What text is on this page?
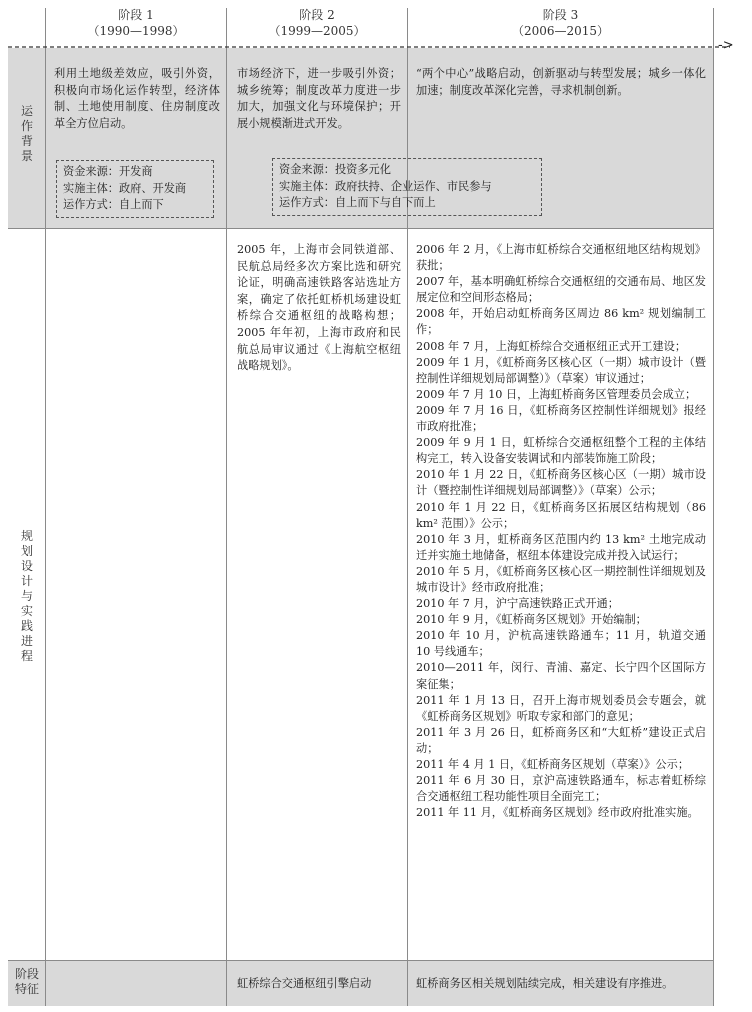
->
阶段 1
（1990—1998）
阶段 2
（1999—2005）
阶段 3
（2006—2015）
运
作
背
景
规
划
设
计
与
实
践
进
程
阶段
特征
利用土地级差效应，吸引外资，积极向市场化运作转型，经济体制、土地使用制度、住房制度改革全方位启动。
市场经济下，进一步吸引外资；城乡统筹；制度改革力度进一步加大，加强文化与环境保护；开展小规模渐进式开发。
“两个中心”战略启动，创新驱动与转型发展；城乡一体化加速；制度改革深化完善，寻求机制创新。
资金来源：开发商
实施主体：政府、开发商
运作方式：自上而下
资金来源：投资多元化
实施主体：政府扶持、企业运作、市民参与
运作方式：自上而下与自下而上
2005 年，上海市会同铁道部、民航总局经多次方案比选和研究论证，明确高速铁路客站选址方案，确定了依托虹桥机场建设虹桥综合交通枢纽的战略构想；2005 年年初，上海市政府和民航总局审议通过《上海航空枢纽战略规划》。
2006 年 2 月，《上海市虹桥综合交通枢纽地区结构规划》获批；
2007 年，基本明确虹桥综合交通枢纽的交通布局、地区发展定位和空间形态格局；
2008 年，开始启动虹桥商务区周边 86 km² 规划编制工作；
2008 年 7 月，上海虹桥综合交通枢纽正式开工建设；
2009 年 1 月，《虹桥商务区核心区（一期）城市设计（暨控制性详细规划局部调整）》（草案）审议通过；
2009 年 7 月 10 日，上海虹桥商务区管理委员会成立；
2009 年 7 月 16 日，《虹桥商务区控制性详细规划》报经市政府批准；
2009 年 9 月 1 日，虹桥综合交通枢纽整个工程的主体结构完工，转入设备安装调试和内部装饰施工阶段；
2010 年 1 月 22 日，《虹桥商务区核心区（一期）城市设计（暨控制性详细规划局部调整）》（草案）公示；
2010 年 1 月 22 日，《虹桥商务区拓展区结构规划（86 km² 范围）》公示；
2010 年 3 月，虹桥商务区范围内约 13 km² 土地完成动迁并实施土地储备，枢纽本体建设完成并投入试运行；
2010 年 5 月，《虹桥商务区核心区一期控制性详细规划及城市设计》经市政府批准；
2010 年 7 月，沪宁高速铁路正式开通；
2010 年 9 月，《虹桥商务区规划》开始编制；
2010 年 10 月，沪杭高速铁路通车；11 月，轨道交通 10 号线通车；
2010—2011 年，闵行、青浦、嘉定、长宁四个区国际方案征集；
2011 年 1 月 13 日，召开上海市规划委员会专题会，就《虹桥商务区规划》听取专家和部门的意见；
2011 年 3 月 26 日，虹桥商务区和“大虹桥”建设正式启动；
2011 年 4 月 1 日，《虹桥商务区规划（草案）》公示；
2011 年 6 月 30 日，京沪高速铁路通车，标志着虹桥综合交通枢纽工程功能性项目全面完工；
2011 年 11 月，《虹桥商务区规划》经市政府批准实施。
虹桥综合交通枢纽引擎启动	虹桥商务区相关规划陆续完成，相关建设有序推进。
